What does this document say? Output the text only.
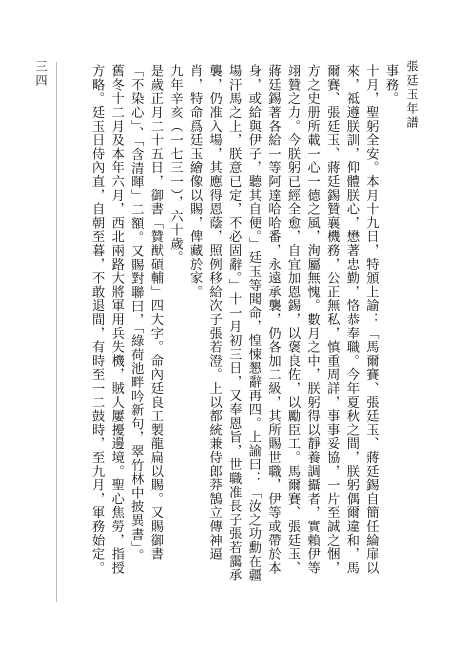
張廷玉年譜
三四	事務。

十月，聖躬全安。本月十九日，特頒上諭：「馬爾賽、張廷玉、蔣廷錫自簡任綸扉以來，祗遵朕訓，仰體朕心，懋著忠勤，恪恭奉職。今年夏秋之間，朕躬偶爾違和，馬爾賽、張廷玉、蔣廷錫贊襄機務，公正無私，慎重周詳，事事妥協，一片至誠之悃，方之史册所載一心一德之風，洵屬無愧。數月之中，朕躬得以靜養調攝者，實賴伊等翊贊之力。今朕躬已經全愈，自宜加恩錫，以褒良佐，以勵臣工。馬爾賽、張廷玉、蔣廷錫著各給一等阿達哈哈番，永遠承襲，仍各加二級，其所賜世職，伊等或帶於本身，或給與伊子，聽其自便。」廷玉等聞命，惶悚懇辭再四。上諭曰：「汝之功勳在疆場汗馬之上，朕意已定，不必固辭。」十一月初三日，又奉恩旨，世職准長子張若靄承襲，仍准入場，其應得恩蔭，照例移給次子張若澄。上以都統兼侍郎莽鵠立傳神逼肖，特命爲廷玉繪像以賜，俾藏於家。

九年辛亥（一七三一），六十歲。

是歲正月二十五日，御書「贊猷碩輔」四大字。命內廷良工製龍扁以賜。又賜御書「不染心」、「含清暉」二額。又賜對聯曰，「綠荷池畔吟新句，翠竹林中披異書」。

舊冬十二月及本年六月，西北兩路大將軍用兵失機，賊人屢擾邊境。聖心焦勞，指授方略。廷玉日侍內直，自朝至暮，不敢退間，有時至一二鼓時，至九月，軍務始定。
